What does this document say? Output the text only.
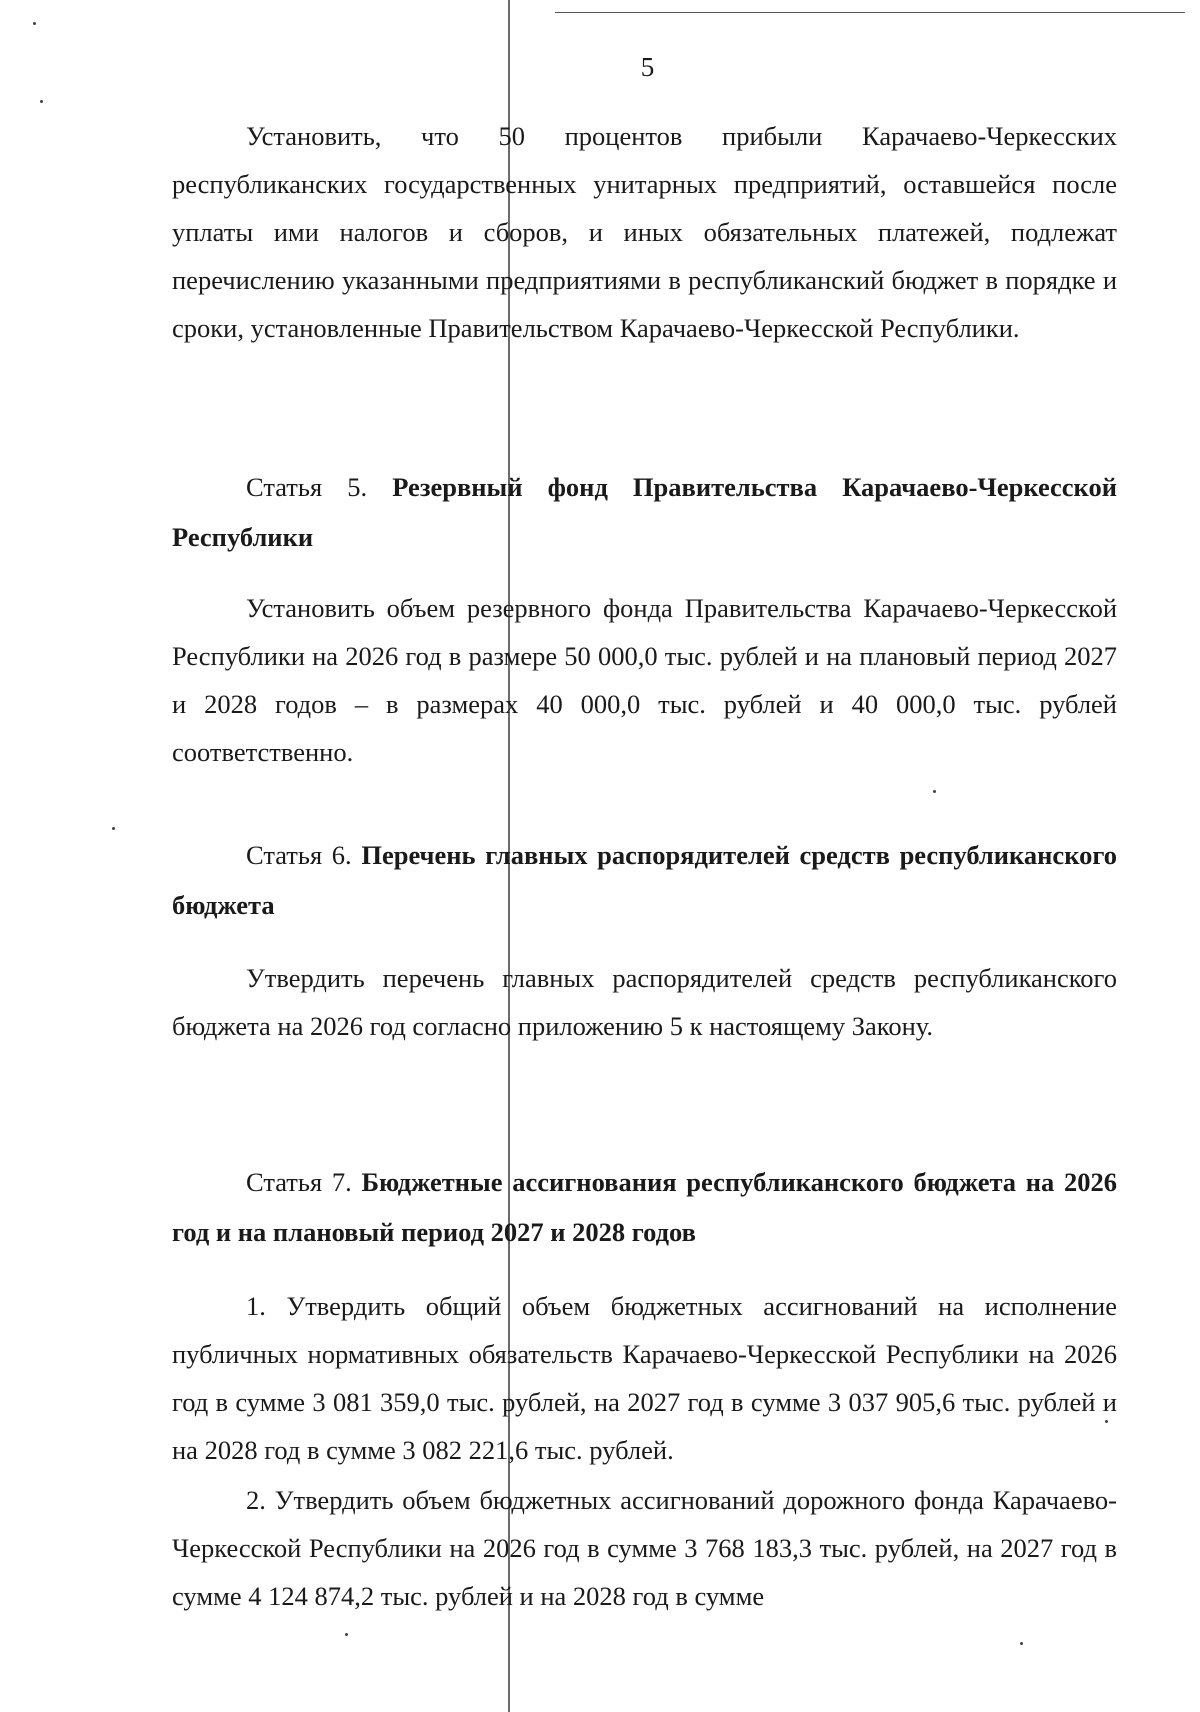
5

Установить, что 50 процентов прибыли Карачаево-Черкесских республиканских государственных унитарных предприятий, оставшейся после уплаты ими налогов и сборов, и иных обязательных платежей, подлежат перечислению указанными предприятиями в республиканский бюджет в порядке и сроки, установленные Правительством Карачаево-Черкесской Республики.

Статья 5. Резервный фонд Правительства Карачаево-Черкесской Республики

Установить объем резервного фонда Правительства Карачаево-Черкесской Республики на 2026 год в размере 50 000,0 тыс. рублей и на плановый период 2027 и 2028 годов – в размерах 40 000,0 тыс. рублей и 40 000,0 тыс. рублей соответственно.

Статья 6. Перечень главных распорядителей средств республиканского бюджета

Утвердить перечень главных распорядителей средств республиканского бюджета на 2026 год согласно приложению 5 к настоящему Закону.

Статья 7. Бюджетные ассигнования республиканского бюджета на 2026 год и на плановый период 2027 и 2028 годов

1. Утвердить общий объем бюджетных ассигнований на исполнение публичных нормативных обязательств Карачаево-Черкесской Республики на 2026 год в сумме 3 081 359,0 тыс. рублей, на 2027 год в сумме 3 037 905,6 тыс. рублей и на 2028 год в сумме 3 082 221,6 тыс. рублей.

2. Утвердить объем бюджетных ассигнований дорожного фонда Карачаево-Черкесской Республики на 2026 год в сумме 3 768 183,3 тыс. рублей, на 2027 год в сумме 4 124 874,2 тыс. рублей и на 2028 год в сумме
